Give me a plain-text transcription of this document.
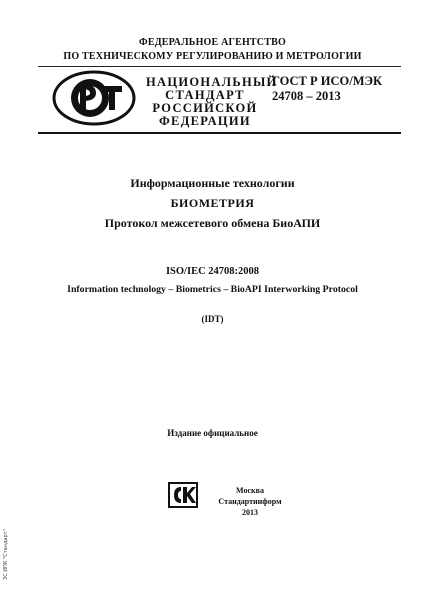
ФЕДЕРАЛЬНОЕ АГЕНТСТВО
ПО ТЕХНИЧЕСКОМУ РЕГУЛИРОВАНИЮ И МЕТРОЛОГИИ
НАЦИОНАЛЬНЫЙ
СТАНДАРТ
РОССИЙСКОЙ
ФЕДЕРАЦИИ
ГОСТ Р ИСО/МЭК
24708 – 2013
Информационные технологии
БИОМЕТРИЯ
Протокол межсетевого обмена БиоАПИ
ISO/IEC 24708:2008
Information technology – Biometrics – BioAPI Interworking Protocol
(IDT)
Издание официальное
Москва
Стандартинформ
2013
ЗС ИПК "Стандарт"
